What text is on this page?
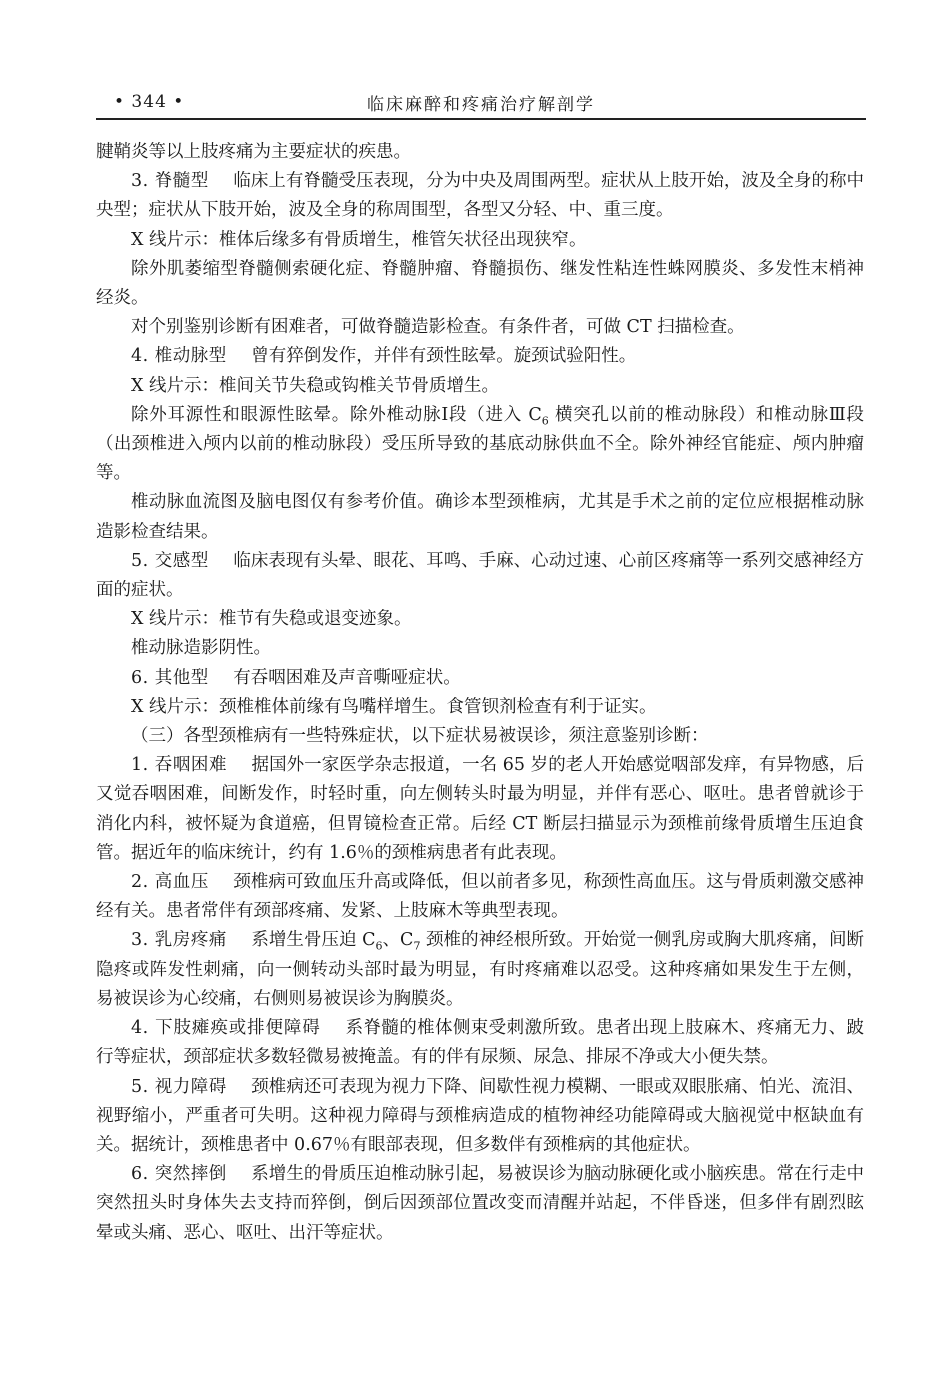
• 344 •	临床麻醉和疼痛治疗解剖学

腱鞘炎等以上肢疼痛为主要症状的疾患。

3. 脊髓型 临床上有脊髓受压表现，分为中央及周围两型。症状从上肢开始，波及全身的称中央型；症状从下肢开始，波及全身的称周围型，各型又分轻、中、重三度。

X 线片示：椎体后缘多有骨质增生，椎管矢状径出现狭窄。

除外肌萎缩型脊髓侧索硬化症、脊髓肿瘤、脊髓损伤、继发性粘连性蛛网膜炎、多发性末梢神经炎。

对个别鉴别诊断有困难者，可做脊髓造影检查。有条件者，可做 CT 扫描检查。

4. 椎动脉型 曾有猝倒发作，并伴有颈性眩晕。旋颈试验阳性。

X 线片示：椎间关节失稳或钩椎关节骨质增生。

除外耳源性和眼源性眩晕。除外椎动脉Ⅰ段（进入 $C_6$ 横突孔以前的椎动脉段）和椎动脉Ⅲ段（出颈椎进入颅内以前的椎动脉段）受压所导致的基底动脉供血不全。除外神经官能症、颅内肿瘤等。

椎动脉血流图及脑电图仅有参考价值。确诊本型颈椎病，尤其是手术之前的定位应根据椎动脉造影检查结果。

5. 交感型 临床表现有头晕、眼花、耳鸣、手麻、心动过速、心前区疼痛等一系列交感神经方面的症状。

X 线片示：椎节有失稳或退变迹象。

椎动脉造影阴性。

6. 其他型 有吞咽困难及声音嘶哑症状。

X 线片示：颈椎椎体前缘有鸟嘴样增生。食管钡剂检查有利于证实。

（三）各型颈椎病有一些特殊症状，以下症状易被误诊，须注意鉴别诊断：

1. 吞咽困难 据国外一家医学杂志报道，一名 65 岁的老人开始感觉咽部发痒，有异物感，后又觉吞咽困难，间断发作，时轻时重，向左侧转头时最为明显，并伴有恶心、呕吐。患者曾就诊于消化内科，被怀疑为食道癌，但胃镜检查正常。后经 CT 断层扫描显示为颈椎前缘骨质增生压迫食管。据近年的临床统计，约有 1.6％的颈椎病患者有此表现。

2. 高血压 颈椎病可致血压升高或降低，但以前者多见，称颈性高血压。这与骨质刺激交感神经有关。患者常伴有颈部疼痛、发紧、上肢麻木等典型表现。

3. 乳房疼痛 系增生骨压迫 $C_6$、$C_7$ 颈椎的神经根所致。开始觉一侧乳房或胸大肌疼痛，间断隐疼或阵发性刺痛，向一侧转动头部时最为明显，有时疼痛难以忍受。这种疼痛如果发生于左侧，易被误诊为心绞痛，右侧则易被误诊为胸膜炎。

4. 下肢瘫痪或排便障碍 系脊髓的椎体侧束受刺激所致。患者出现上肢麻木、疼痛无力、跛行等症状，颈部症状多数轻微易被掩盖。有的伴有尿频、尿急、排尿不净或大小便失禁。

5. 视力障碍 颈椎病还可表现为视力下降、间歇性视力模糊、一眼或双眼胀痛、怕光、流泪、视野缩小，严重者可失明。这种视力障碍与颈椎病造成的植物神经功能障碍或大脑视觉中枢缺血有关。据统计，颈椎患者中 0.67％有眼部表现，但多数伴有颈椎病的其他症状。

6. 突然摔倒 系增生的骨质压迫椎动脉引起，易被误诊为脑动脉硬化或小脑疾患。常在行走中突然扭头时身体失去支持而猝倒，倒后因颈部位置改变而清醒并站起，不伴昏迷，但多伴有剧烈眩晕或头痛、恶心、呕吐、出汗等症状。
